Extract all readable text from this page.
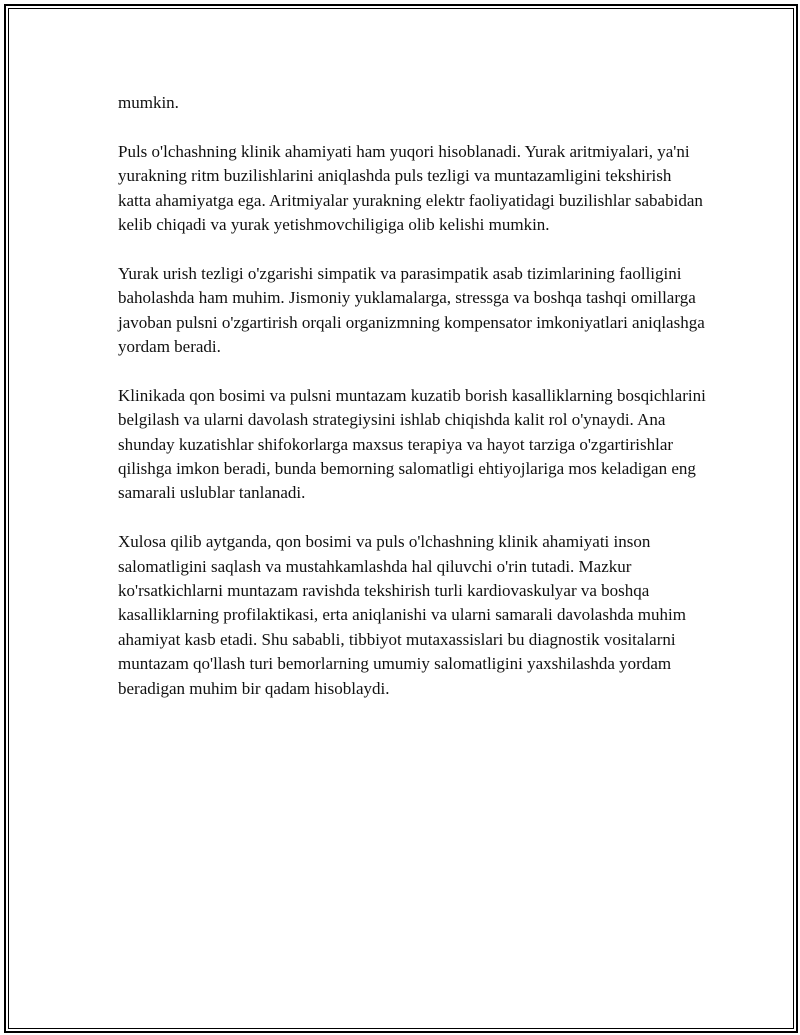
mumkin.

Puls o'lchashning klinik ahamiyati ham yuqori hisoblanadi. Yurak aritmiyalari, ya'ni yurakning ritm buzilishlarini aniqlashda puls tezligi va muntazamligini tekshirish katta ahamiyatga ega. Aritmiyalar yurakning elektr faoliyatidagi buzilishlar sababidan kelib chiqadi va yurak yetishmovchiligiga olib kelishi mumkin.

Yurak urish tezligi o'zgarishi simpatik va parasimpatik asab tizimlarining faolligini baholashda ham muhim. Jismoniy yuklamalarga, stressga va boshqa tashqi omillarga javoban pulsni o'zgartirish orqali organizmning kompensator imkoniyatlari aniqlashga yordam beradi.

Klinikada qon bosimi va pulsni muntazam kuzatib borish kasalliklarning bosqichlarini belgilash va ularni davolash strategiysini ishlab chiqishda kalit rol o'ynaydi. Ana shunday kuzatishlar shifokorlarga maxsus terapiya va hayot tarziga o'zgartirishlar qilishga imkon beradi, bunda bemorning salomatligi ehtiyojlariga mos keladigan eng samarali uslublar tanlanadi.

Xulosa qilib aytganda, qon bosimi va puls o'lchashning klinik ahamiyati inson salomatligini saqlash va mustahkamlashda hal qiluvchi o'rin tutadi. Mazkur ko'rsatkichlarni muntazam ravishda tekshirish turli kardiovaskulyar va boshqa kasalliklarning profilaktikasi, erta aniqlanishi va ularni samarali davolashda muhim ahamiyat kasb etadi. Shu sababli, tibbiyot mutaxassislari bu diagnostik vositalarni muntazam qo'llash turi bemorlarning umumiy salomatligini yaxshilashda yordam beradigan muhim bir qadam hisoblaydi.
